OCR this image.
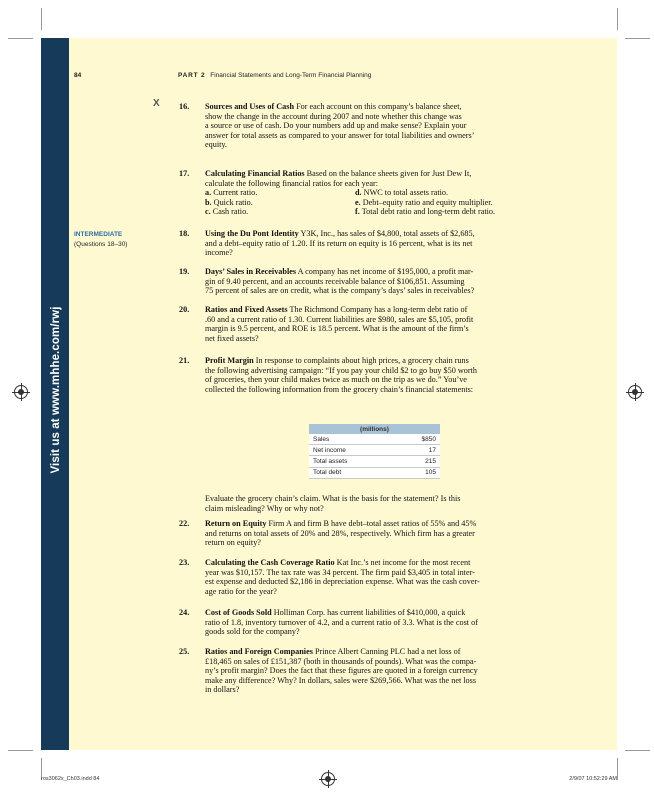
Visit us at www.mhhe.com/rwj
84	PART 2 Financial Statements and Long-Term Financial Planning
X
INTERMEDIATE
(Questions 18–30)
16. Sources and Uses of Cash For each account on this company’s balance sheet,

show the change in the account during 2007 and note whether this change was

a source or use of cash. Do your numbers add up and make sense? Explain your

answer for total assets as compared to your answer for total liabilities and owners’

equity.

17. Calculating Financial Ratios Based on the balance sheets given for Just Dew It,

calculate the following financial ratios for each year:

a. Current ratio.	d. NWC to total assets ratio.
b. Quick ratio.	e. Debt–equity ratio and equity multiplier.
c. Cash ratio.	f. Total debt ratio and long-term debt ratio.
18. Using the Du Pont Identity Y3K, Inc., has sales of $4,800, total assets of $2,685,

and a debt–equity ratio of 1.20. If its return on equity is 16 percent, what is its net

income?

19. Days’ Sales in Receivables A company has net income of $195,000, a profit mar-

gin of 9.40 percent, and an accounts receivable balance of $106,851. Assuming

75 percent of sales are on credit, what is the company’s days’ sales in receivables?

20. Ratios and Fixed Assets The Richmond Company has a long-term debt ratio of

.60 and a current ratio of 1.30. Current liabilities are $980, sales are $5,105, profit

margin is 9.5 percent, and ROE is 18.5 percent. What is the amount of the firm’s

net fixed assets?

21. Profit Margin In response to complaints about high prices, a grocery chain runs

the following advertising campaign: “If you pay your child $2 to go buy $50 worth

of groceries, then your child makes twice as much on the trip as we do.” You’ve

collected the following information from the grocery chain’s financial statements:

(millions)	
Sales	$850
Net income	17
Total assets	215
Total debt	105

Evaluate the grocery chain’s claim. What is the basis for the statement? Is this

claim misleading? Why or why not?

22. Return on Equity Firm A and firm B have debt–total asset ratios of 55% and 45%

and returns on total assets of 20% and 28%, respectively. Which firm has a greater

return on equity?

23. Calculating the Cash Coverage Ratio Kat Inc.’s net income for the most recent

year was $10,157. The tax rate was 34 percent. The firm paid $3,405 in total inter-

est expense and deducted $2,186 in depreciation expense. What was the cash cover-

age ratio for the year?

24. Cost of Goods Sold Holliman Corp. has current liabilities of $410,000, a quick

ratio of 1.8, inventory turnover of 4.2, and a current ratio of 3.3. What is the cost of

goods sold for the company?

25. Ratios and Foreign Companies Prince Albert Canning PLC had a net loss of

£18,465 on sales of £151,387 (both in thousands of pounds). What was the compa-

ny’s profit margin? Does the fact that these figures are quoted in a foreign currency

make any difference? Why? In dollars, sales were $269,566. What was the net loss

in dollars?

ros3062x_Ch03.indd 84	2/9/07 10:52:29 AM
